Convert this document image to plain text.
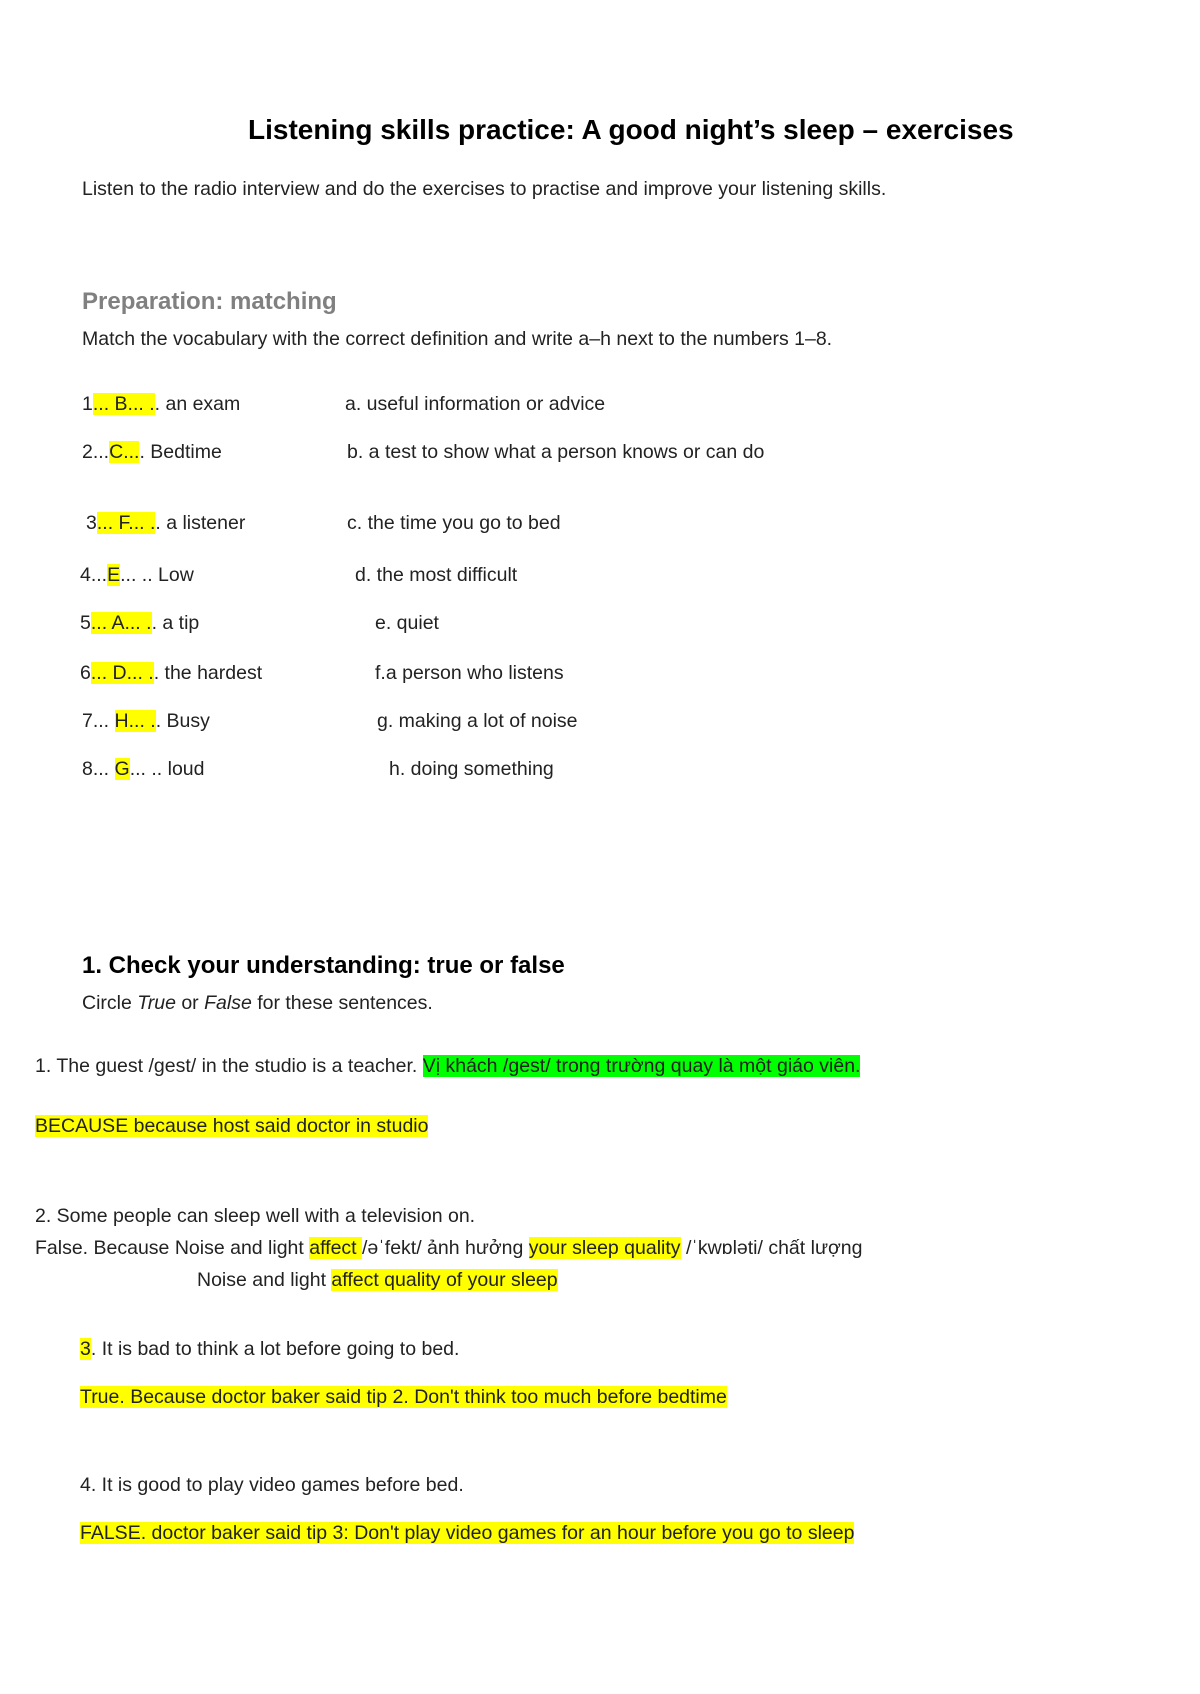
Listening skills practice: A good night’s sleep – exercises
Listen to the radio interview and do the exercises to practise and improve your listening skills.
Preparation: matching
Match the vocabulary with the correct definition and write a–h next to the numbers 1–8.
1... B... .. an exam	a. useful information or advice
2...C.... Bedtime	b. a test to show what a person knows or can do
3... F... .. a listener	c. the time you go to bed
4...E... .. Low	d. the most difficult
5... A... .. a tip	e. quiet
6... D... .. the hardest	f.a person who listens
7... H... .. Busy	g. making a lot of noise
8... G... .. loud	h. doing something
1. Check your understanding: true or false
Circle True or False for these sentences.
1. The guest /gest/ in the studio is a teacher. Vị khách /gest/ trong trường quay là một giáo viên.
BECAUSE because host said doctor in studio
2. Some people can sleep well with a television on.
False. Because Noise and light affect /əˈfekt/ ảnh hưởng your sleep quality /ˈkwɒləti/ chất lượng
Noise and light affect quality of your sleep
3. It is bad to think a lot before going to bed.
True. Because doctor baker said tip 2. Don't think too much before bedtime
4. It is good to play video games before bed.
FALSE. doctor baker said tip 3: Don't play video games for an hour before you go to sleep
